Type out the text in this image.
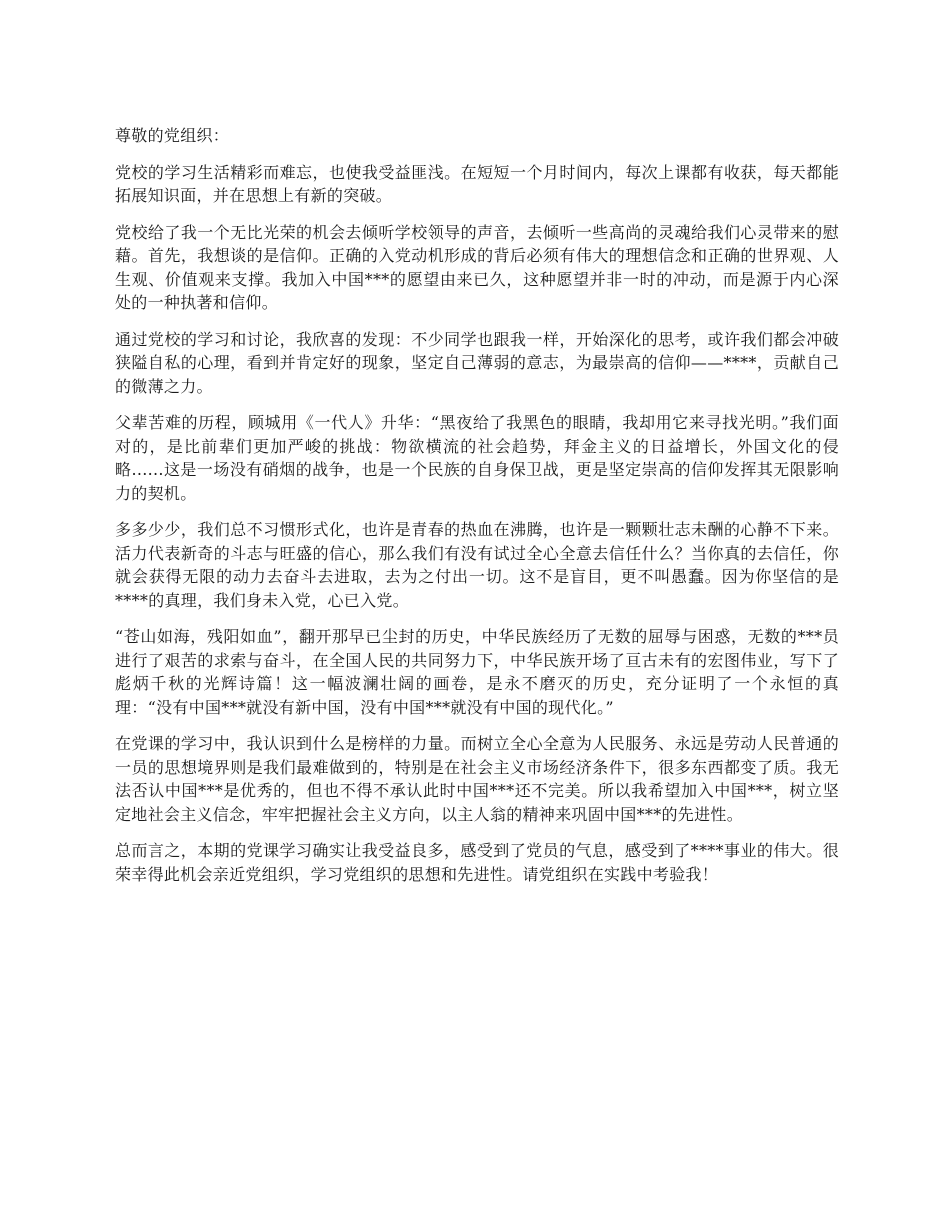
尊敬的党组织：

党校的学习生活精彩而难忘，也使我受益匪浅。在短短一个月时间内，每次上课都有收获，每天都能拓展知识面，并在思想上有新的突破。

党校给了我一个无比光荣的机会去倾听学校领导的声音，去倾听一些高尚的灵魂给我们心灵带来的慰藉。首先，我想谈的是信仰。正确的入党动机形成的背后必须有伟大的理想信念和正确的世界观、人生观、价值观来支撑。我加入中国***的愿望由来已久，这种愿望并非一时的冲动，而是源于内心深处的一种执著和信仰。

通过党校的学习和讨论，我欣喜的发现：不少同学也跟我一样，开始深化的思考，或许我们都会冲破狭隘自私的心理，看到并肯定好的现象，坚定自己薄弱的意志，为最崇高的信仰——****，贡献自己的微薄之力。

父辈苦难的历程，顾城用《一代人》升华：“黑夜给了我黑色的眼睛，我却用它来寻找光明。”我们面对的，是比前辈们更加严峻的挑战：物欲横流的社会趋势，拜金主义的日益增长，外国文化的侵略......这是一场没有硝烟的战争，也是一个民族的自身保卫战，更是坚定崇高的信仰发挥其无限影响力的契机。

多多少少，我们总不习惯形式化，也许是青春的热血在沸腾，也许是一颗颗壮志未酬的心静不下来。活力代表新奇的斗志与旺盛的信心，那么我们有没有试过全心全意去信任什么？当你真的去信任，你就会获得无限的动力去奋斗去进取，去为之付出一切。这不是盲目，更不叫愚蠢。因为你坚信的是****的真理，我们身未入党，心已入党。

“苍山如海，残阳如血”，翻开那早已尘封的历史，中华民族经历了无数的屈辱与困惑，无数的***员进行了艰苦的求索与奋斗，在全国人民的共同努力下，中华民族开场了亘古未有的宏图伟业，写下了彪炳千秋的光辉诗篇！这一幅波澜壮阔的画卷，是永不磨灭的历史，充分证明了一个永恒的真理：“没有中国***就没有新中国，没有中国***就没有中国的现代化。”

在党课的学习中，我认识到什么是榜样的力量。而树立全心全意为人民服务、永远是劳动人民普通的一员的思想境界则是我们最难做到的，特别是在社会主义市场经济条件下，很多东西都变了质。我无法否认中国***是优秀的，但也不得不承认此时中国***还不完美。所以我希望加入中国***，树立坚定地社会主义信念，牢牢把握社会主义方向，以主人翁的精神来巩固中国***的先进性。

总而言之，本期的党课学习确实让我受益良多，感受到了党员的气息，感受到了****事业的伟大。很荣幸得此机会亲近党组织，学习党组织的思想和先进性。请党组织在实践中考验我！
